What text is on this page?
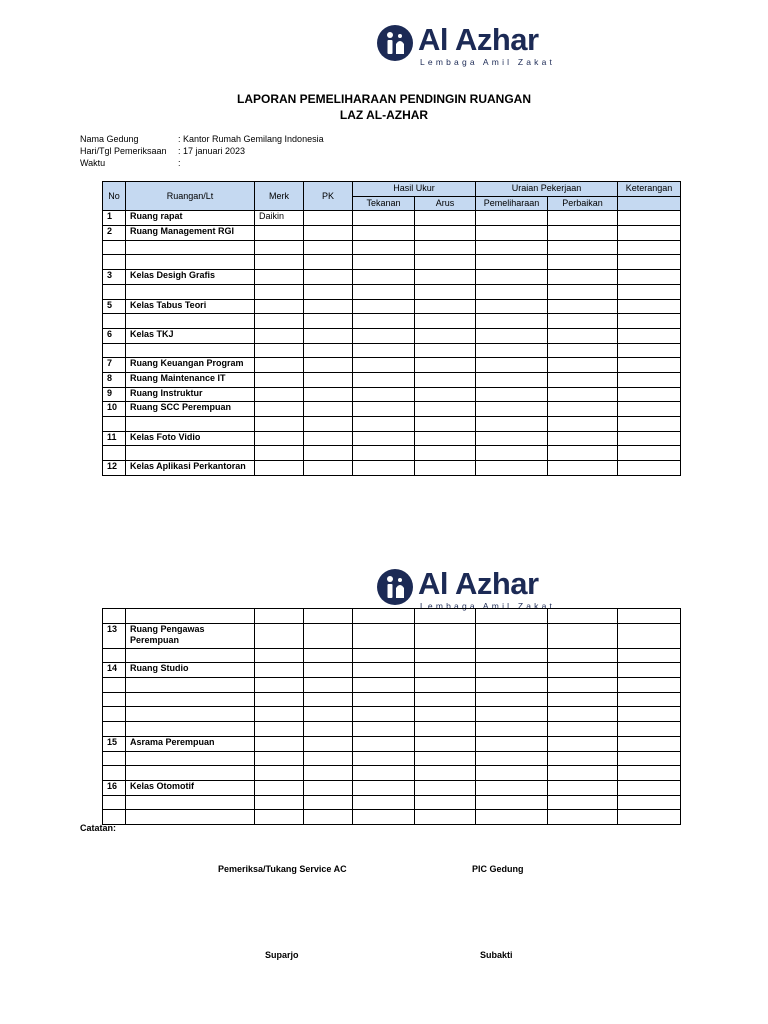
Al Azhar
Lembaga Amil Zakat
LAPORAN PEMELIHARAAN PENDINGIN RUANGAN
LAZ AL-AZHAR
Nama Gedung	: Kantor Rumah Gemilang Indonesia
Hari/Tgl Pemeriksaan	: 17 januari 2023
Waktu	:
No	Ruangan/Lt	Merk	PK	Hasil Ukur		Uraian Pekerjaan		Keterangan
				Tekanan	Arus	Pemeliharaan	Perbaikan	
1	Ruang rapat	Daikin						
2	Ruang Management RGI							

3	Kelas Desigh Grafis							

5	Kelas Tabus Teori							

6	Kelas TKJ							

7	Ruang Keuangan Program							
8	Ruang Maintenance IT							
9	Ruang Instruktur							
10	Ruang SCC Perempuan							

11	Kelas Foto Vidio							

12	Kelas Aplikasi Perkantoran							
Al Azhar
Lembaga Amil Zakat

13	Ruang Pengawas Perempuan							

14	Ruang Studio							

15	Asrama Perempuan							

16	Kelas Otomotif							

Catatan:
Pemeriksa/Tukang Service AC	PIC Gedung
Suparjo	Subakti
